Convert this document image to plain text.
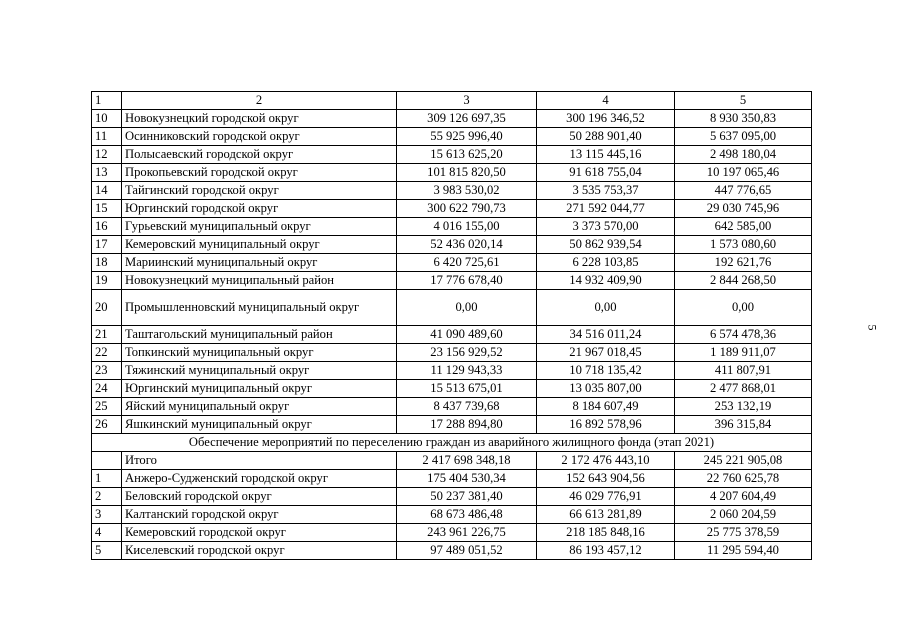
1	2	3	4	5
10	Новокузнецкий городской округ	309 126 697,35	300 196 346,52	8 930 350,83
11	Осинниковский городской округ	55 925 996,40	50 288 901,40	5 637 095,00
12	Полысаевский городской округ	15 613 625,20	13 115 445,16	2 498 180,04
13	Прокопьевский городской округ	101 815 820,50	91 618 755,04	10 197 065,46
14	Тайгинский городской округ	3 983 530,02	3 535 753,37	447 776,65
15	Юргинский городской округ	300 622 790,73	271 592 044,77	29 030 745,96
16	Гурьевский муниципальный округ	4 016 155,00	3 373 570,00	642 585,00
17	Кемеровский муниципальный округ	52 436 020,14	50 862 939,54	1 573 080,60
18	Мариинский муниципальный округ	6 420 725,61	6 228 103,85	192 621,76
19	Новокузнецкий муниципальный район	17 776 678,40	14 932 409,90	2 844 268,50
20	Промышленновский муниципальный округ	0,00	0,00	0,00
21	Таштагольский муниципальный район	41 090 489,60	34 516 011,24	6 574 478,36
22	Топкинский муниципальный округ	23 156 929,52	21 967 018,45	1 189 911,07
23	Тяжинский муниципальный округ	11 129 943,33	10 718 135,42	411 807,91
24	Юргинский муниципальный округ	15 513 675,01	13 035 807,00	2 477 868,01
25	Яйский муниципальный округ	8 437 739,68	8 184 607,49	253 132,19
26	Яшкинский муниципальный округ	17 288 894,80	16 892 578,96	396 315,84
Обеспечение мероприятий по переселению граждан из аварийного жилищного фонда (этап 2021)				
	Итого	2 417 698 348,18	2 172 476 443,10	245 221 905,08
1	Анжеро-Судженский городской округ	175 404 530,34	152 643 904,56	22 760 625,78
2	Беловский городской округ	50 237 381,40	46 029 776,91	4 207 604,49
3	Калтанский городской округ	68 673 486,48	66 613 281,89	2 060 204,59
4	Кемеровский городской округ	243 961 226,75	218 185 848,16	25 775 378,59
5	Киселевский городской округ	97 489 051,52	86 193 457,12	11 295 594,40
5
